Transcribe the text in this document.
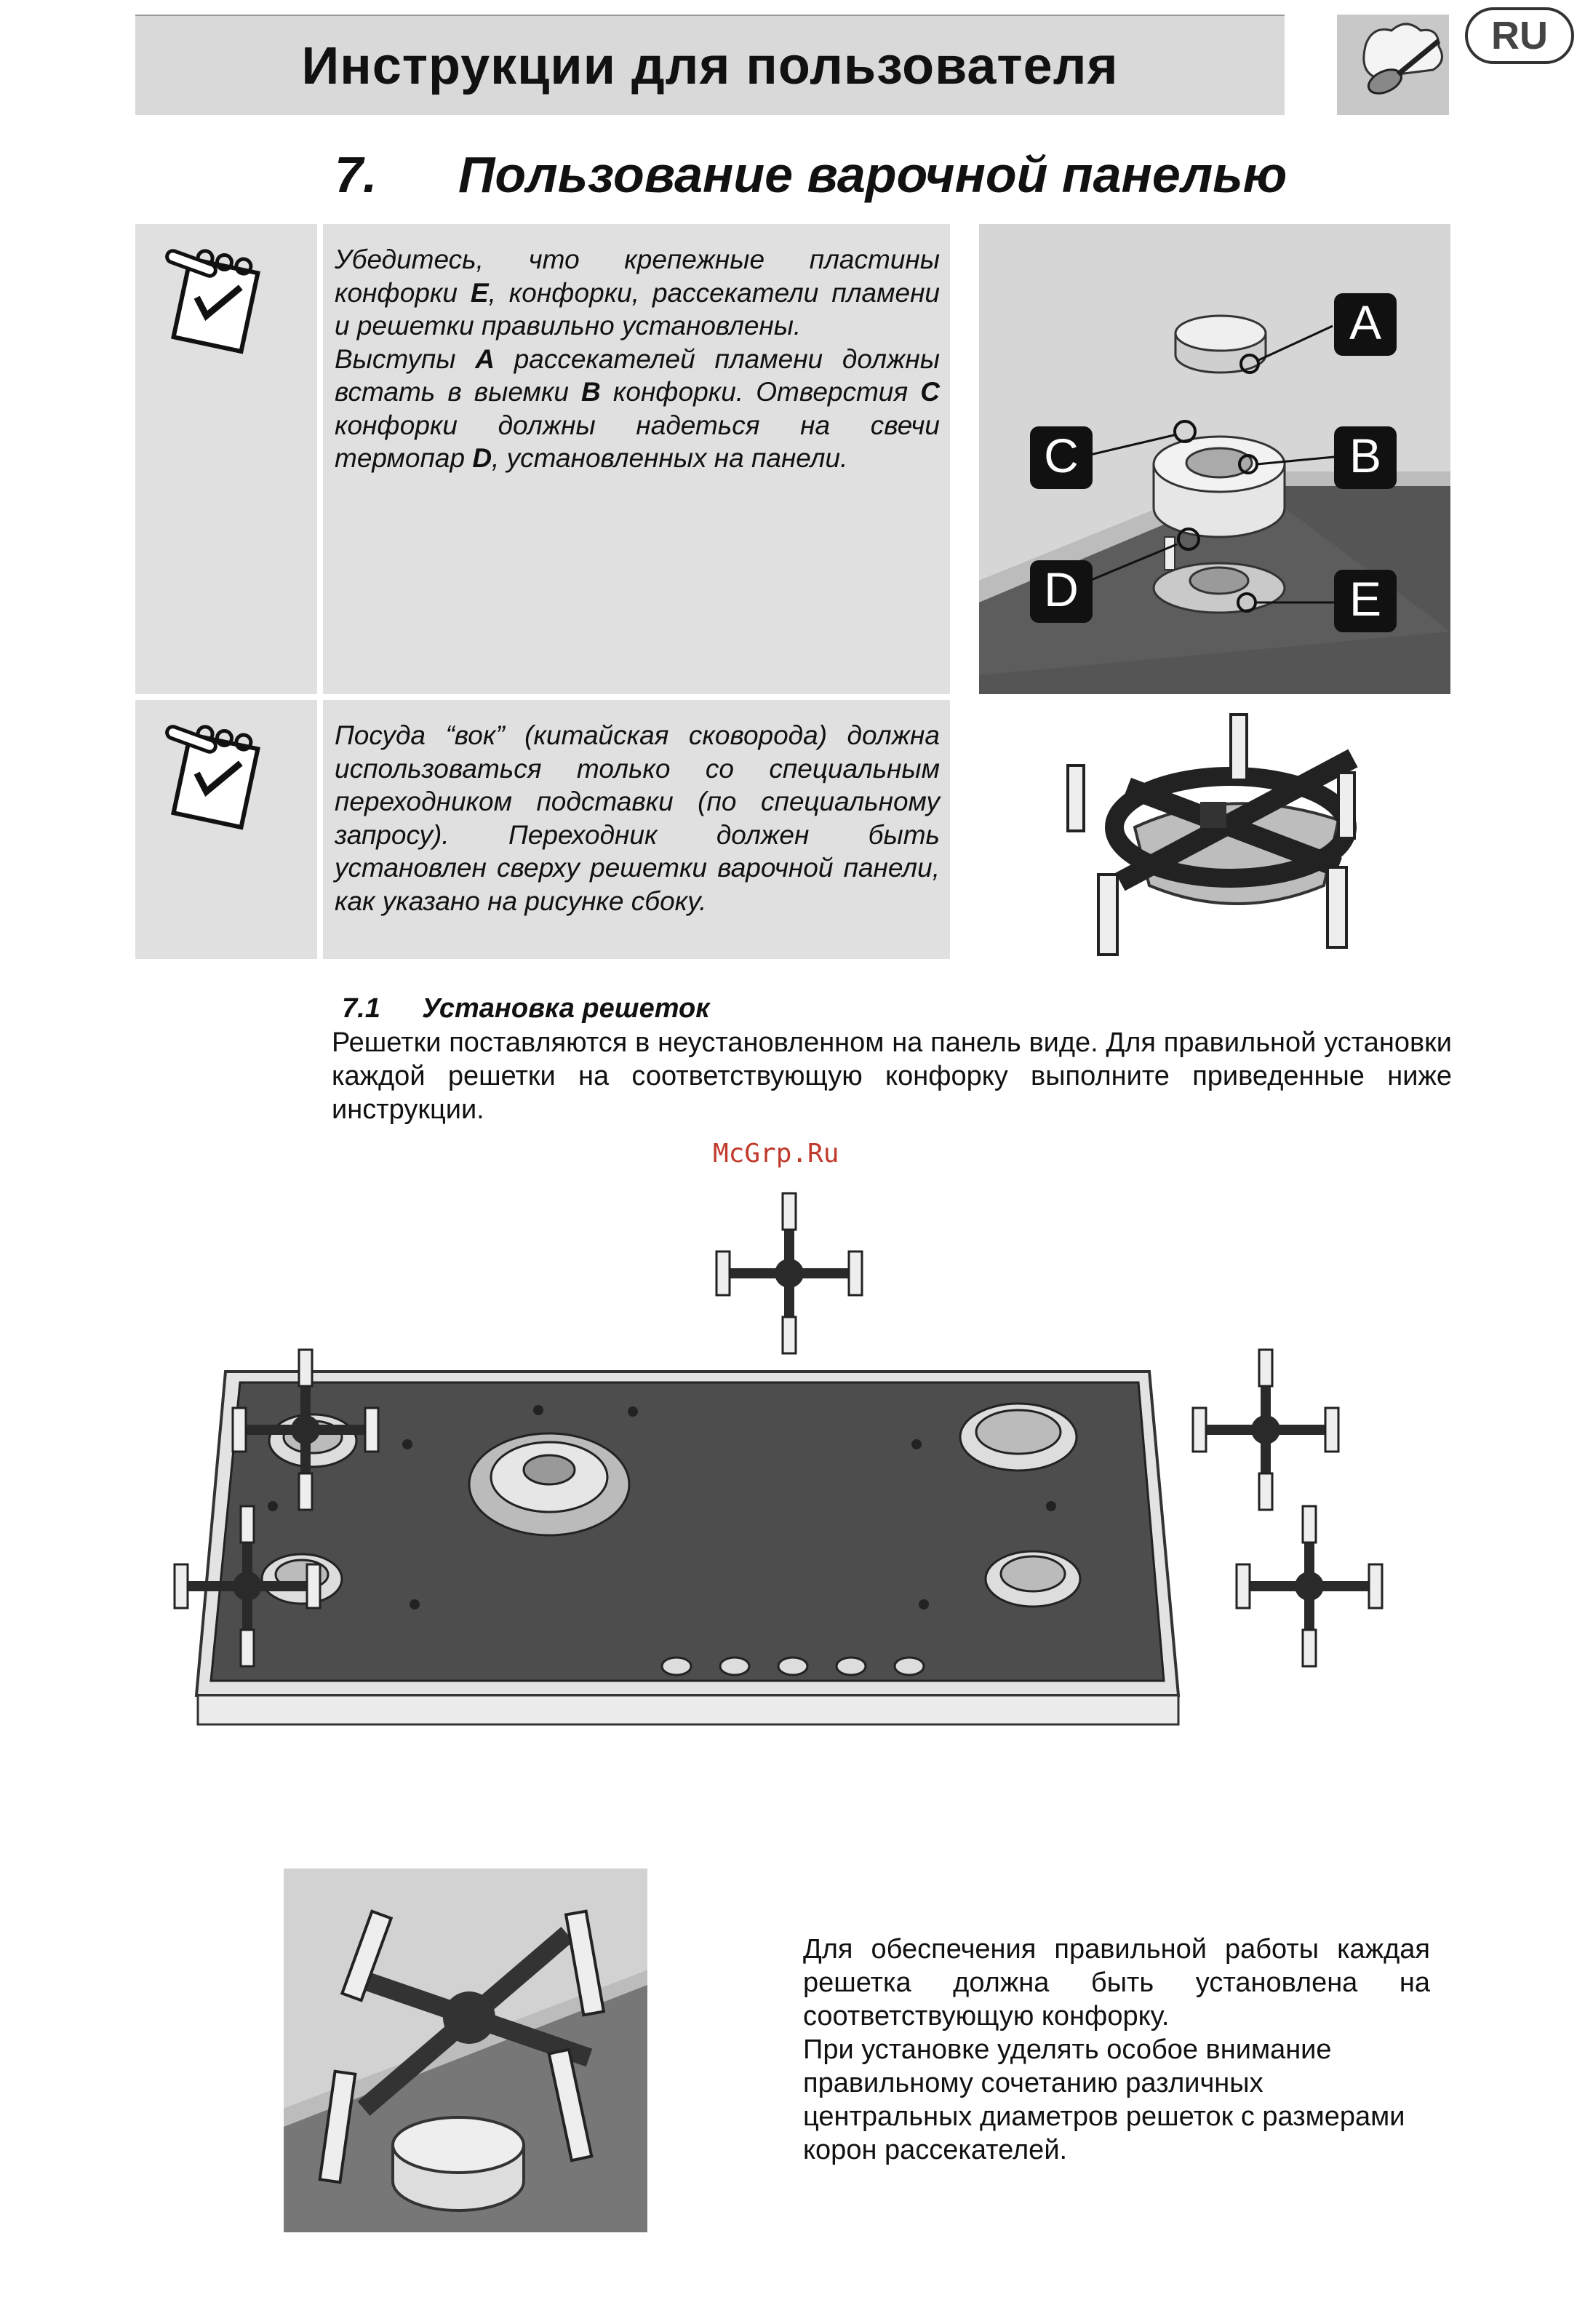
Инструкции для пользователя
RU
7. Пользование варочной панелью
Убедитесь, что крепежные пластины конфорки E, конфорки, рассекатели пламени и решетки правильно установлены.
Выступы A рассекателей пламени должны встать в выемки B конфорки. Отверстия C конфорки должны надеться на свечи термопар D, установленных на панели.
A
C	B
D	E
Посуда “вок” (китайская сковорода) должна использоваться только со специальным переходником подставки (по специальному запросу). Переходник должен быть установлен сверху решетки варочной панели, как указано на рисунке сбоку.
7.1 Установка решеток
Решетки поставляются в неустановленном на панель виде. Для правильной установки каждой решетки на соответствующую конфорку выполните приведенные ниже инструкции.
McGrp.Ru

Для обеспечения правильной работы каждая решетка должна быть установлена на соответствующую конфорку.

При установке уделять особое внимание правильному сочетанию различных центральных диаметров решеток с размерами корон рассекателей.
